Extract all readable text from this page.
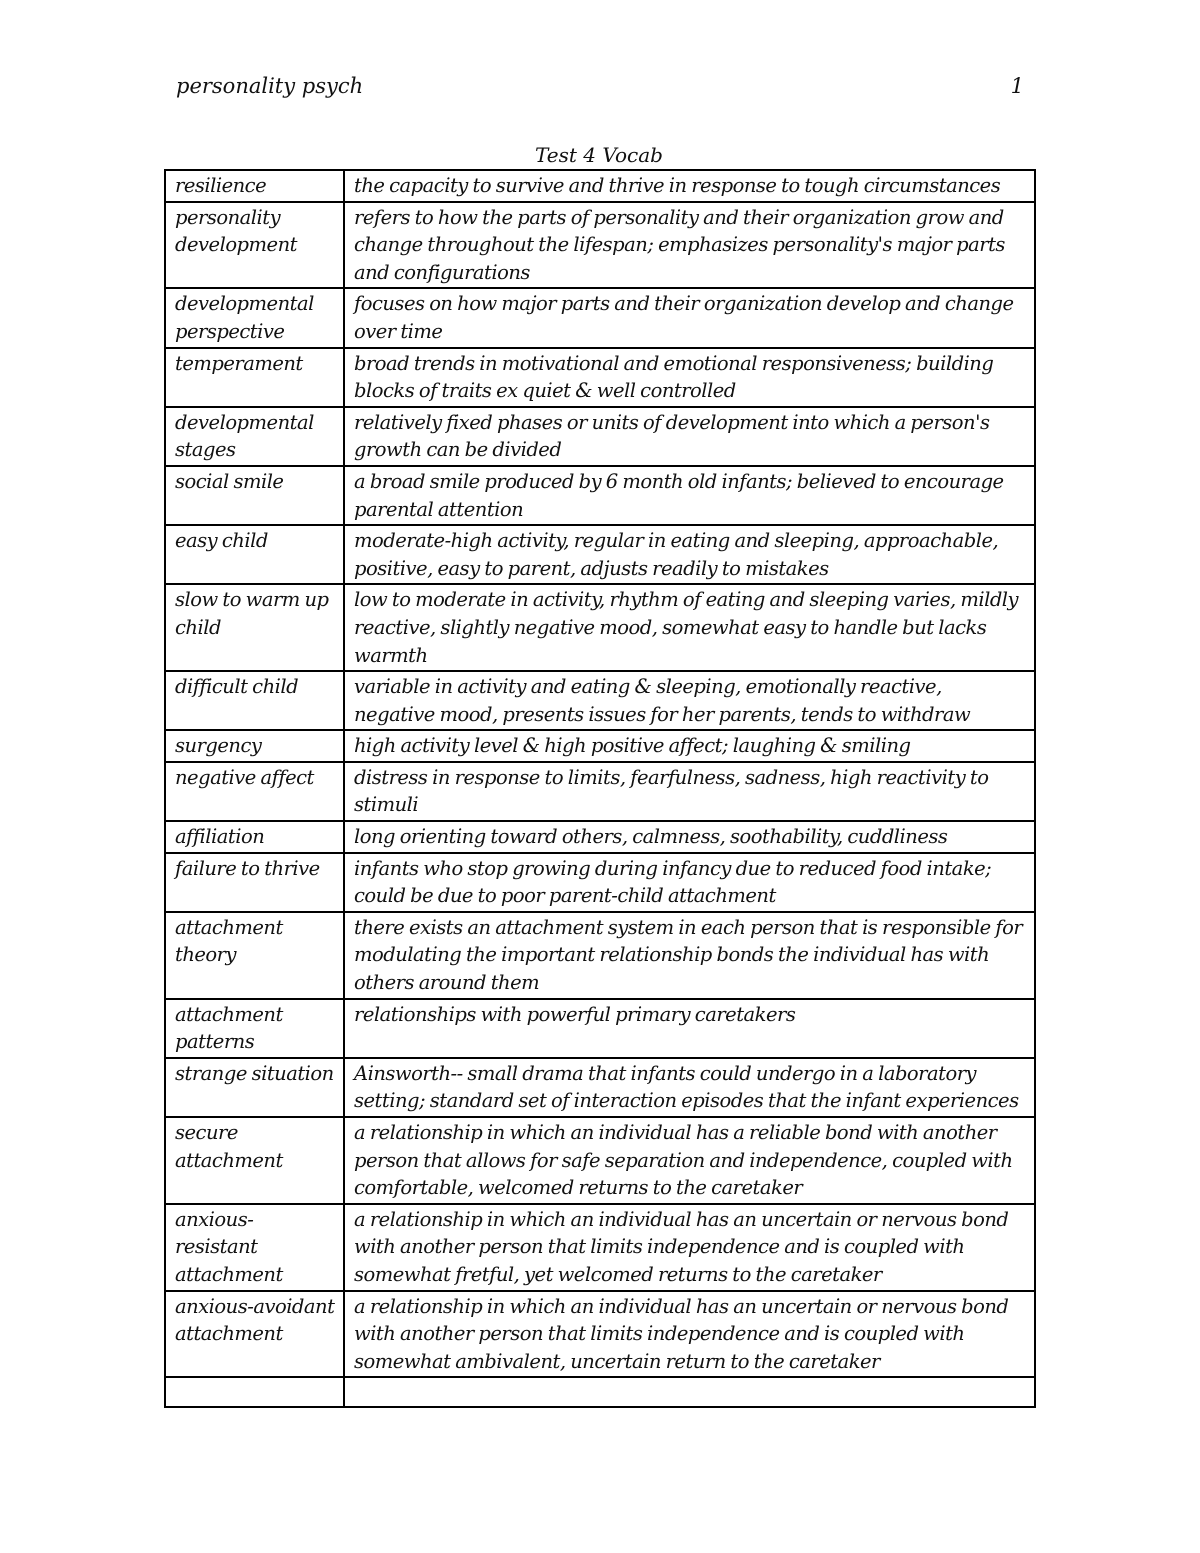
personality psych	1
Test 4 Vocab
resilience	the capacity to survive and thrive in response to tough circumstances
personality development	refers to how the parts of personality and their organization grow and change throughout the lifespan; emphasizes personality's major parts and configurations
developmental perspective	focuses on how major parts and their organization develop and change over time
temperament	broad trends in motivational and emotional responsiveness; building blocks of traits ex quiet & well controlled
developmental stages	relatively fixed phases or units of development into which a person's growth can be divided
social smile	a broad smile produced by 6 month old infants; believed to encourage parental attention
easy child	moderate-high activity, regular in eating and sleeping, approachable, positive, easy to parent, adjusts readily to mistakes
slow to warm up child	low to moderate in activity, rhythm of eating and sleeping varies, mildly reactive, slightly negative mood, somewhat easy to handle but lacks warmth
difficult child	variable in activity and eating & sleeping, emotionally reactive, negative mood, presents issues for her parents, tends to withdraw
surgency	high activity level & high positive affect; laughing & smiling
negative affect	distress in response to limits, fearfulness, sadness, high reactivity to stimuli
affiliation	long orienting toward others, calmness, soothability, cuddliness
failure to thrive	infants who stop growing during infancy due to reduced food intake; could be due to poor parent-child attachment
attachment theory	there exists an attachment system in each person that is responsible for modulating the important relationship bonds the individual has with others around them
attachment patterns	relationships with powerful primary caretakers
strange situation	Ainsworth-- small drama that infants could undergo in a laboratory setting; standard set of interaction episodes that the infant experiences
secure attachment	a relationship in which an individual has a reliable bond with another person that allows for safe separation and independence, coupled with comfortable, welcomed returns to the caretaker
anxious-resistant attachment	a relationship in which an individual has an uncertain or nervous bond with another person that limits independence and is coupled with somewhat fretful, yet welcomed returns to the caretaker
anxious-avoidant attachment	a relationship in which an individual has an uncertain or nervous bond with another person that limits independence and is coupled with somewhat ambivalent, uncertain return to the caretaker
